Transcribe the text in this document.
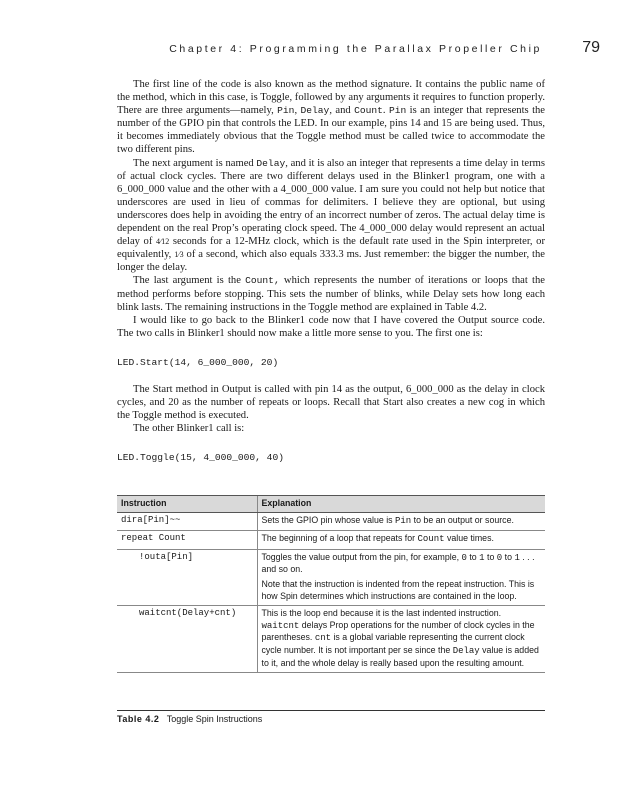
Chapter 4: Programming the Parallax Propeller Chip	79

The first line of the code is also known as the method signature. It contains the public name of the method, which in this case, is Toggle, followed by any arguments it requires to function properly. There are three arguments—namely, Pin, Delay, and Count. Pin is an integer that represents the number of the GPIO pin that controls the LED. In our example, pins 14 and 15 are being used. Thus, it becomes immediately obvious that the Toggle method must be called twice to accommodate the two different pins.

The next argument is named Delay, and it is also an integer that represents a time delay in terms of actual clock cycles. There are two different delays used in the Blinker1 program, one with a 6_000_000 value and the other with a 4_000_000 value. I am sure you could not help but notice that underscores are used in lieu of commas for delimiters. I believe they are optional, but using underscores does help in avoiding the entry of an incorrect number of zeros. The actual delay time is dependent on the real Prop’s operating clock speed. The 4_000_000 delay would represent an actual delay of 4⁄12 seconds for a 12-MHz clock, which is the default rate used in the Spin interpreter, or equivalently, 1⁄3 of a second, which also equals 333.3 ms. Just remember: the bigger the number, the longer the delay.

The last argument is the Count, which represents the number of iterations or loops that the method performs before stopping. This sets the number of blinks, while Delay sets how long each blink lasts. The remaining instructions in the Toggle method are explained in Table 4.2.

I would like to go back to the Blinker1 code now that I have covered the Output source code. The two calls in Blinker1 should now make a little more sense to you. The first one is:

LED.Start(14, 6_000_000, 20)

The Start method in Output is called with pin 14 as the output, 6_000_000 as the delay in clock cycles, and 20 as the number of repeats or loops. Recall that Start also creates a new cog in which the Toggle method is executed.

The other Blinker1 call is:

LED.Toggle(15, 4_000_000, 40)
Instruction	Explanation
dira[Pin]~~	Sets the GPIO pin whose value is Pin to be an output or source.
repeat Count	The beginning of a loop that repeats for Count value times.
!outa[Pin]	Toggles the value output from the pin, for example, 0 to 1 to 0 to 1 . . . and so on.
Note that the instruction is indented from the repeat instruction. This is how Spin determines which instructions are contained in the loop.

waitcnt(Delay+cnt)	This is the loop end because it is the last indented instruction. waitcnt delays Prop operations for the number of clock cycles in the parentheses. cnt is a global variable representing the current clock cycle number. It is not important per se since the Delay value is added to it, and the whole delay is really based upon the resulting amount.
Table 4.2 Toggle Spin Instructions
